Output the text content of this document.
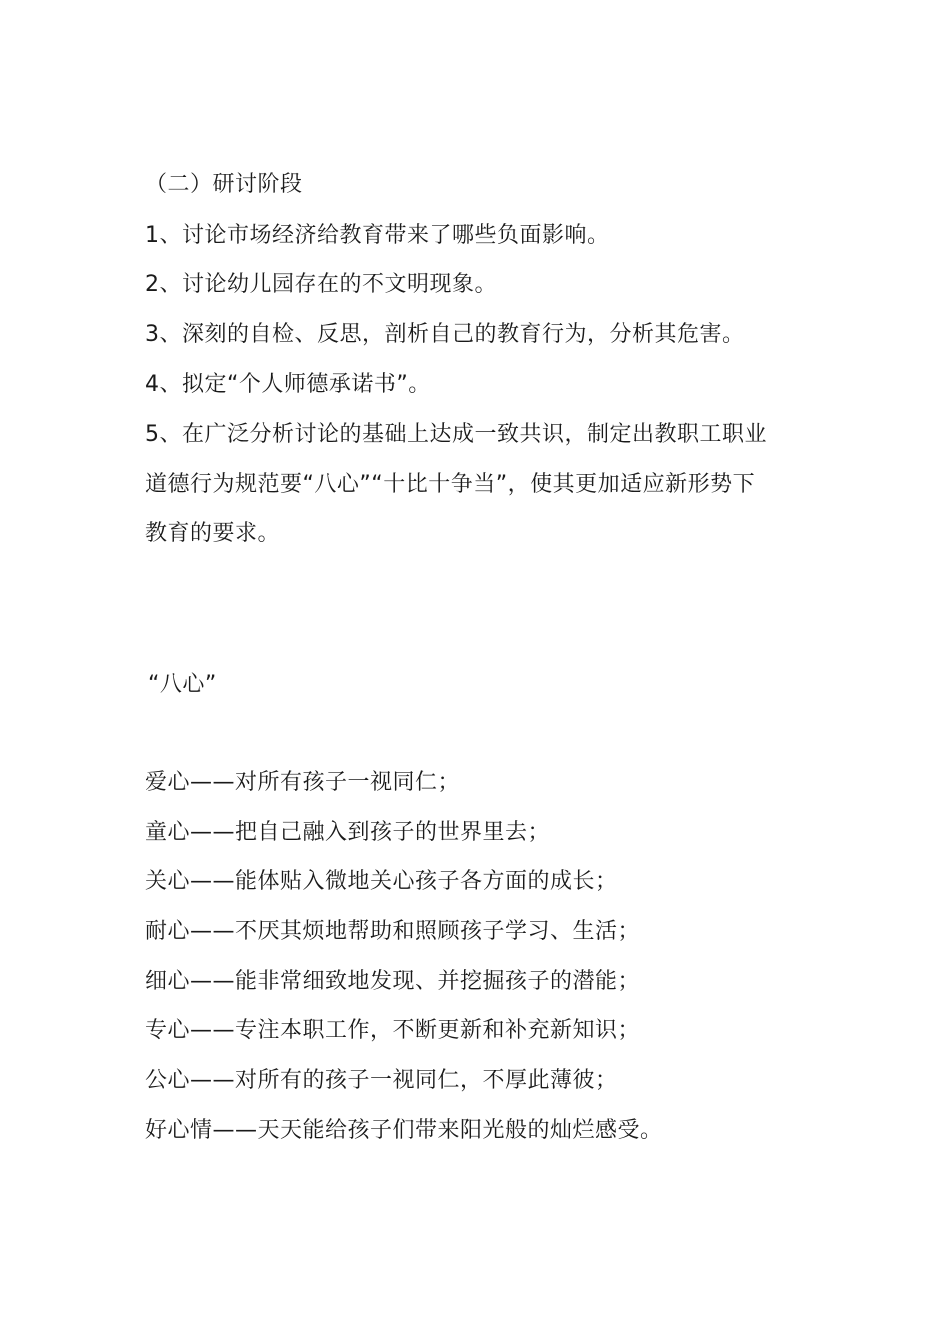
（二）研讨阶段
1、讨论市场经济给教育带来了哪些负面影响。
2、讨论幼儿园存在的不文明现象。
3、深刻的自检、反思，剖析自己的教育行为，分析其危害。
4、拟定“个人师德承诺书”。
5、在广泛分析讨论的基础上达成一致共识，制定出教职工职业
道德行为规范要“八心”“十比十争当”，使其更加适应新形势下
教育的要求。
“八心”
爱心——对所有孩子一视同仁；
童心——把自己融入到孩子的世界里去；
关心——能体贴入微地关心孩子各方面的成长；
耐心——不厌其烦地帮助和照顾孩子学习、生活；
细心——能非常细致地发现、并挖掘孩子的潜能；
专心——专注本职工作，不断更新和补充新知识；
公心——对所有的孩子一视同仁，不厚此薄彼；
好心情——天天能给孩子们带来阳光般的灿烂感受。
